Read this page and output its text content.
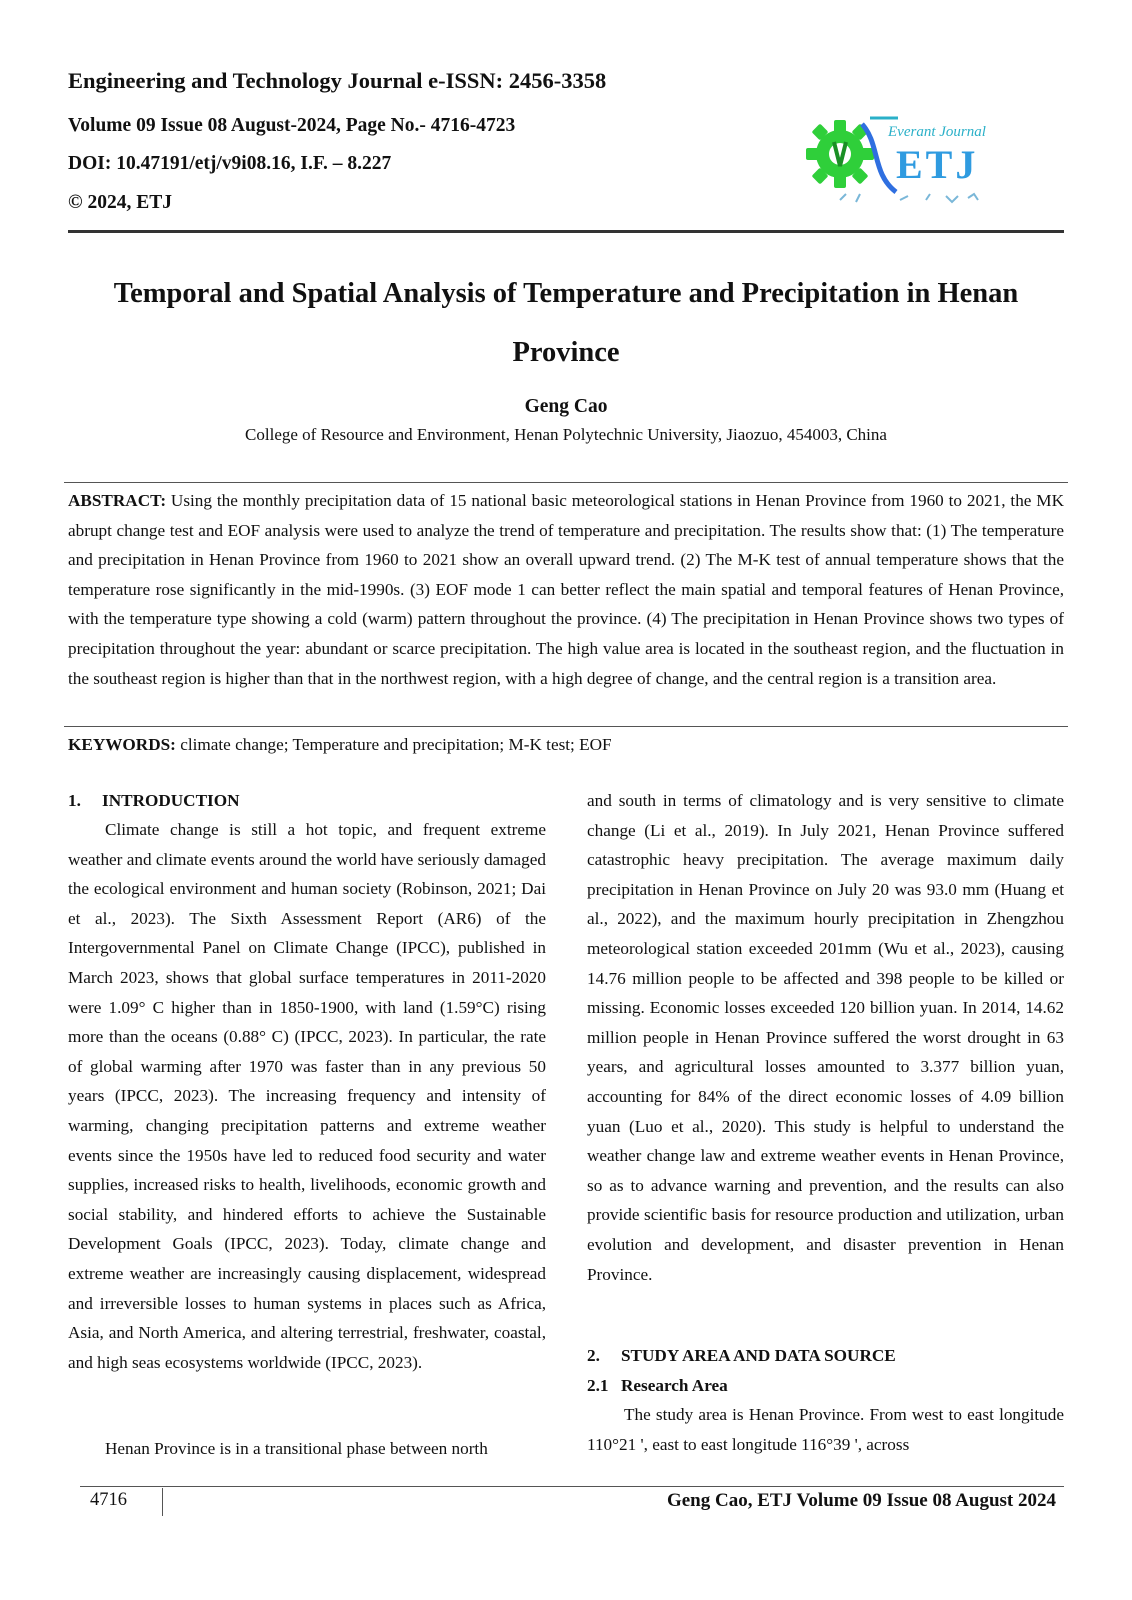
Engineering and Technology Journal e-ISSN: 2456-3358
Volume 09 Issue 08 August-2024, Page No.- 4716-4723
DOI: 10.47191/etj/v9i08.16, I.F. – 8.227
© 2024, ETJ
Everant Journal
ETJ
Temporal and Spatial Analysis of Temperature and Precipitation in Henan Province
Geng Cao
College of Resource and Environment, Henan Polytechnic University, Jiaozuo, 454003, China
ABSTRACT: Using the monthly precipitation data of 15 national basic meteorological stations in Henan Province from 1960 to 2021, the MK abrupt change test and EOF analysis were used to analyze the trend of temperature and precipitation. The results show that: (1) The temperature and precipitation in Henan Province from 1960 to 2021 show an overall upward trend. (2) The M-K test of annual temperature shows that the temperature rose significantly in the mid-1990s. (3) EOF mode 1 can better reflect the main spatial and temporal features of Henan Province, with the temperature type showing a cold (warm) pattern throughout the province. (4) The precipitation in Henan Province shows two types of precipitation throughout the year: abundant or scarce precipitation. The high value area is located in the southeast region, and the fluctuation in the southeast region is higher than that in the northwest region, with a high degree of change, and the central region is a transition area.
KEYWORDS: climate change; Temperature and precipitation; M-K test; EOF
1. INTRODUCTION
Climate change is still a hot topic, and frequent extreme weather and climate events around the world have seriously damaged the ecological environment and human society (Robinson, 2021; Dai et al., 2023). The Sixth Assessment Report (AR6) of the Intergovernmental Panel on Climate Change (IPCC), published in March 2023, shows that global surface temperatures in 2011-2020 were 1.09° C higher than in 1850-1900, with land (1.59°C) rising more than the oceans (0.88° C) (IPCC, 2023). In particular, the rate of global warming after 1970 was faster than in any previous 50 years (IPCC, 2023). The increasing frequency and intensity of warming, changing precipitation patterns and extreme weather events since the 1950s have led to reduced food security and water supplies, increased risks to health, livelihoods, economic growth and social stability, and hindered efforts to achieve the Sustainable Development Goals (IPCC, 2023). Today, climate change and extreme weather are increasingly causing displacement, widespread and irreversible losses to human systems in places such as Africa, Asia, and North America, and altering terrestrial, freshwater, coastal, and high seas ecosystems worldwide (IPCC, 2023).
Henan Province is in a transitional phase between north
and south in terms of climatology and is very sensitive to climate change (Li et al., 2019). In July 2021, Henan Province suffered catastrophic heavy precipitation. The average maximum daily precipitation in Henan Province on July 20 was 93.0 mm (Huang et al., 2022), and the maximum hourly precipitation in Zhengzhou meteorological station exceeded 201mm (Wu et al., 2023), causing 14.76 million people to be affected and 398 people to be killed or missing. Economic losses exceeded 120 billion yuan. In 2014, 14.62 million people in Henan Province suffered the worst drought in 63 years, and agricultural losses amounted to 3.377 billion yuan, accounting for 84% of the direct economic losses of 4.09 billion yuan (Luo et al., 2020). This study is helpful to understand the weather change law and extreme weather events in Henan Province, so as to advance warning and prevention, and the results can also provide scientific basis for resource production and utilization, urban evolution and development, and disaster prevention in Henan Province.
2. STUDY AREA AND DATA SOURCE
2.1 Research Area
The study area is Henan Province. From west to east longitude 110°21 ', east to east longitude 116°39 ', across
4716	Geng Cao, ETJ Volume 09 Issue 08 August 2024
